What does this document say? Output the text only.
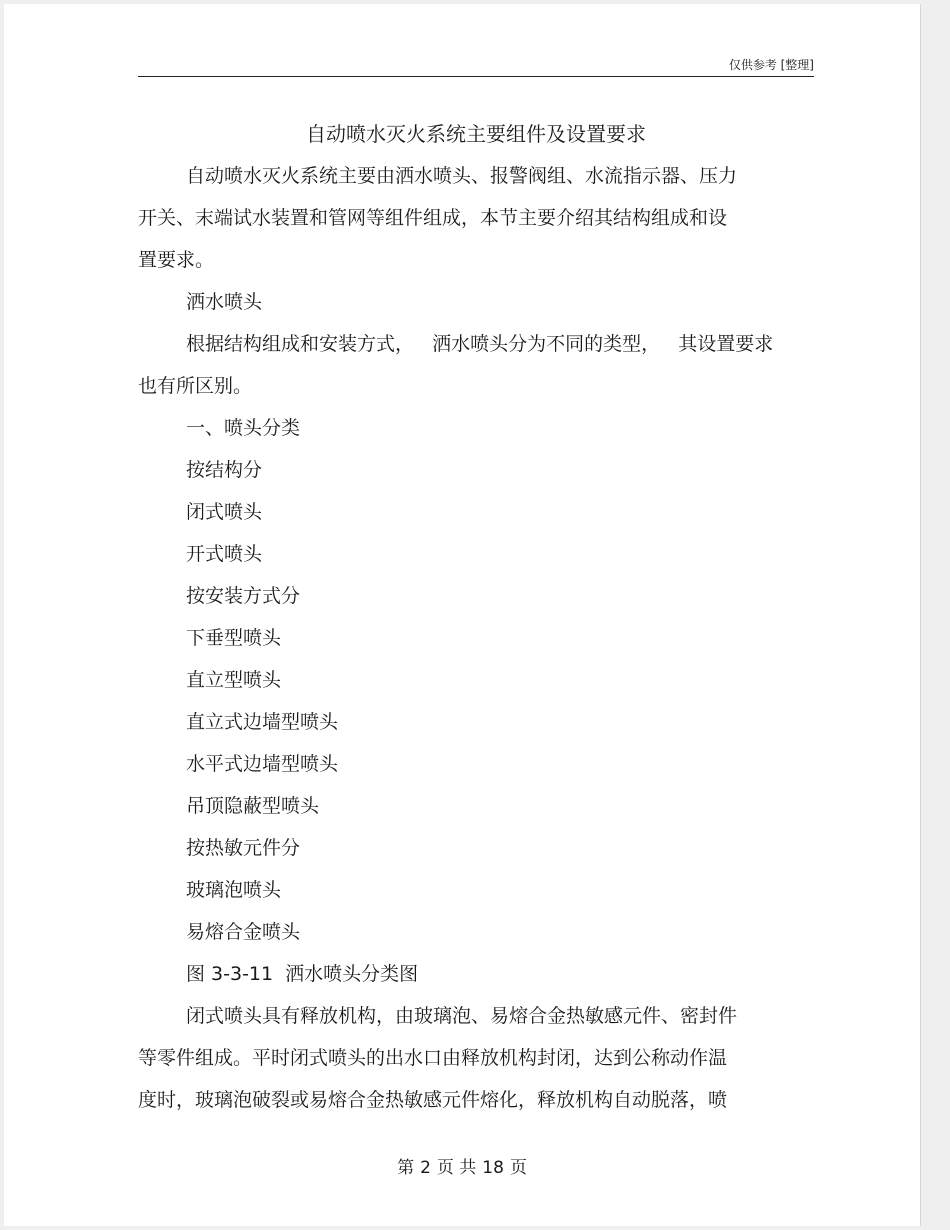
仅供参考 [整理]
自动喷水灭火系统主要组件及设置要求

自动喷水灭火系统主要由洒水喷头、报警阀组、水流指示器、压力

开关、末端试水装置和管网等组件组成，本节主要介绍其结构组成和设

置要求。

洒水喷头

根据结构组成和安装方式，   洒水喷头分为不同的类型，   其设置要求

也有所区别。

一、喷头分类

按结构分

闭式喷头

开式喷头

按安装方式分

下垂型喷头

直立型喷头

直立式边墙型喷头

水平式边墙型喷头

吊顶隐蔽型喷头

按热敏元件分

玻璃泡喷头

易熔合金喷头

图 3-3-11  洒水喷头分类图

闭式喷头具有释放机构，由玻璃泡、易熔合金热敏感元件、密封件

等零件组成。平时闭式喷头的出水口由释放机构封闭，达到公称动作温

度时，玻璃泡破裂或易熔合金热敏感元件熔化，释放机构自动脱落，喷

第 2 页 共 18 页
